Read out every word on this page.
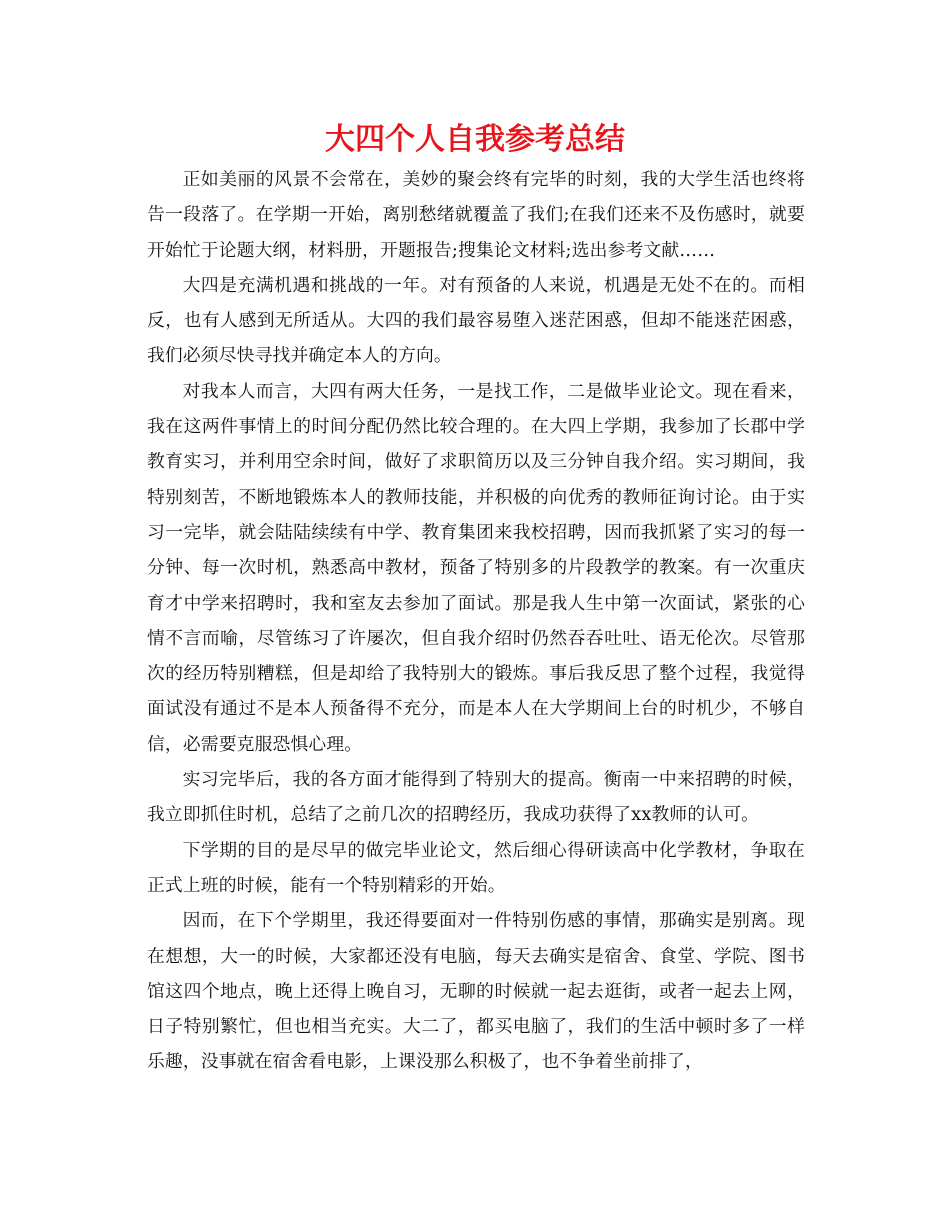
大四个人自我参考总结

正如美丽的风景不会常在，美妙的聚会终有完毕的时刻，我的大学生活也终将告一段落了。在学期一开始，离别愁绪就覆盖了我们;在我们还来不及伤感时，就要开始忙于论题大纲，材料册，开题报告;搜集论文材料;选出参考文献……

大四是充满机遇和挑战的一年。对有预备的人来说，机遇是无处不在的。而相反，也有人感到无所适从。大四的我们最容易堕入迷茫困惑，但却不能迷茫困惑，我们必须尽快寻找并确定本人的方向。

对我本人而言，大四有两大任务，一是找工作，二是做毕业论文。现在看来，我在这两件事情上的时间分配仍然比较合理的。在大四上学期，我参加了长郡中学教育实习，并利用空余时间，做好了求职简历以及三分钟自我介绍。实习期间，我特别刻苦，不断地锻炼本人的教师技能，并积极的向优秀的教师征询讨论。由于实习一完毕，就会陆陆续续有中学、教育集团来我校招聘，因而我抓紧了实习的每一分钟、每一次时机，熟悉高中教材，预备了特别多的片段教学的教案。有一次重庆育才中学来招聘时，我和室友去参加了面试。那是我人生中第一次面试，紧张的心情不言而喻，尽管练习了许屡次，但自我介绍时仍然吞吞吐吐、语无伦次。尽管那次的经历特别糟糕，但是却给了我特别大的锻炼。事后我反思了整个过程，我觉得面试没有通过不是本人预备得不充分，而是本人在大学期间上台的时机少，不够自信，必需要克服恐惧心理。

实习完毕后，我的各方面才能得到了特别大的提高。衡南一中来招聘的时候，我立即抓住时机，总结了之前几次的招聘经历，我成功获得了xx教师的认可。

下学期的目的是尽早的做完毕业论文，然后细心得研读高中化学教材，争取在正式上班的时候，能有一个特别精彩的开始。

因而，在下个学期里，我还得要面对一件特别伤感的事情，那确实是别离。现在想想，大一的时候，大家都还没有电脑，每天去确实是宿舍、食堂、学院、图书馆这四个地点，晚上还得上晚自习，无聊的时候就一起去逛街，或者一起去上网，日子特别繁忙，但也相当充实。大二了，都买电脑了，我们的生活中顿时多了一样乐趣，没事就在宿舍看电影，上课没那么积极了，也不争着坐前排了，
